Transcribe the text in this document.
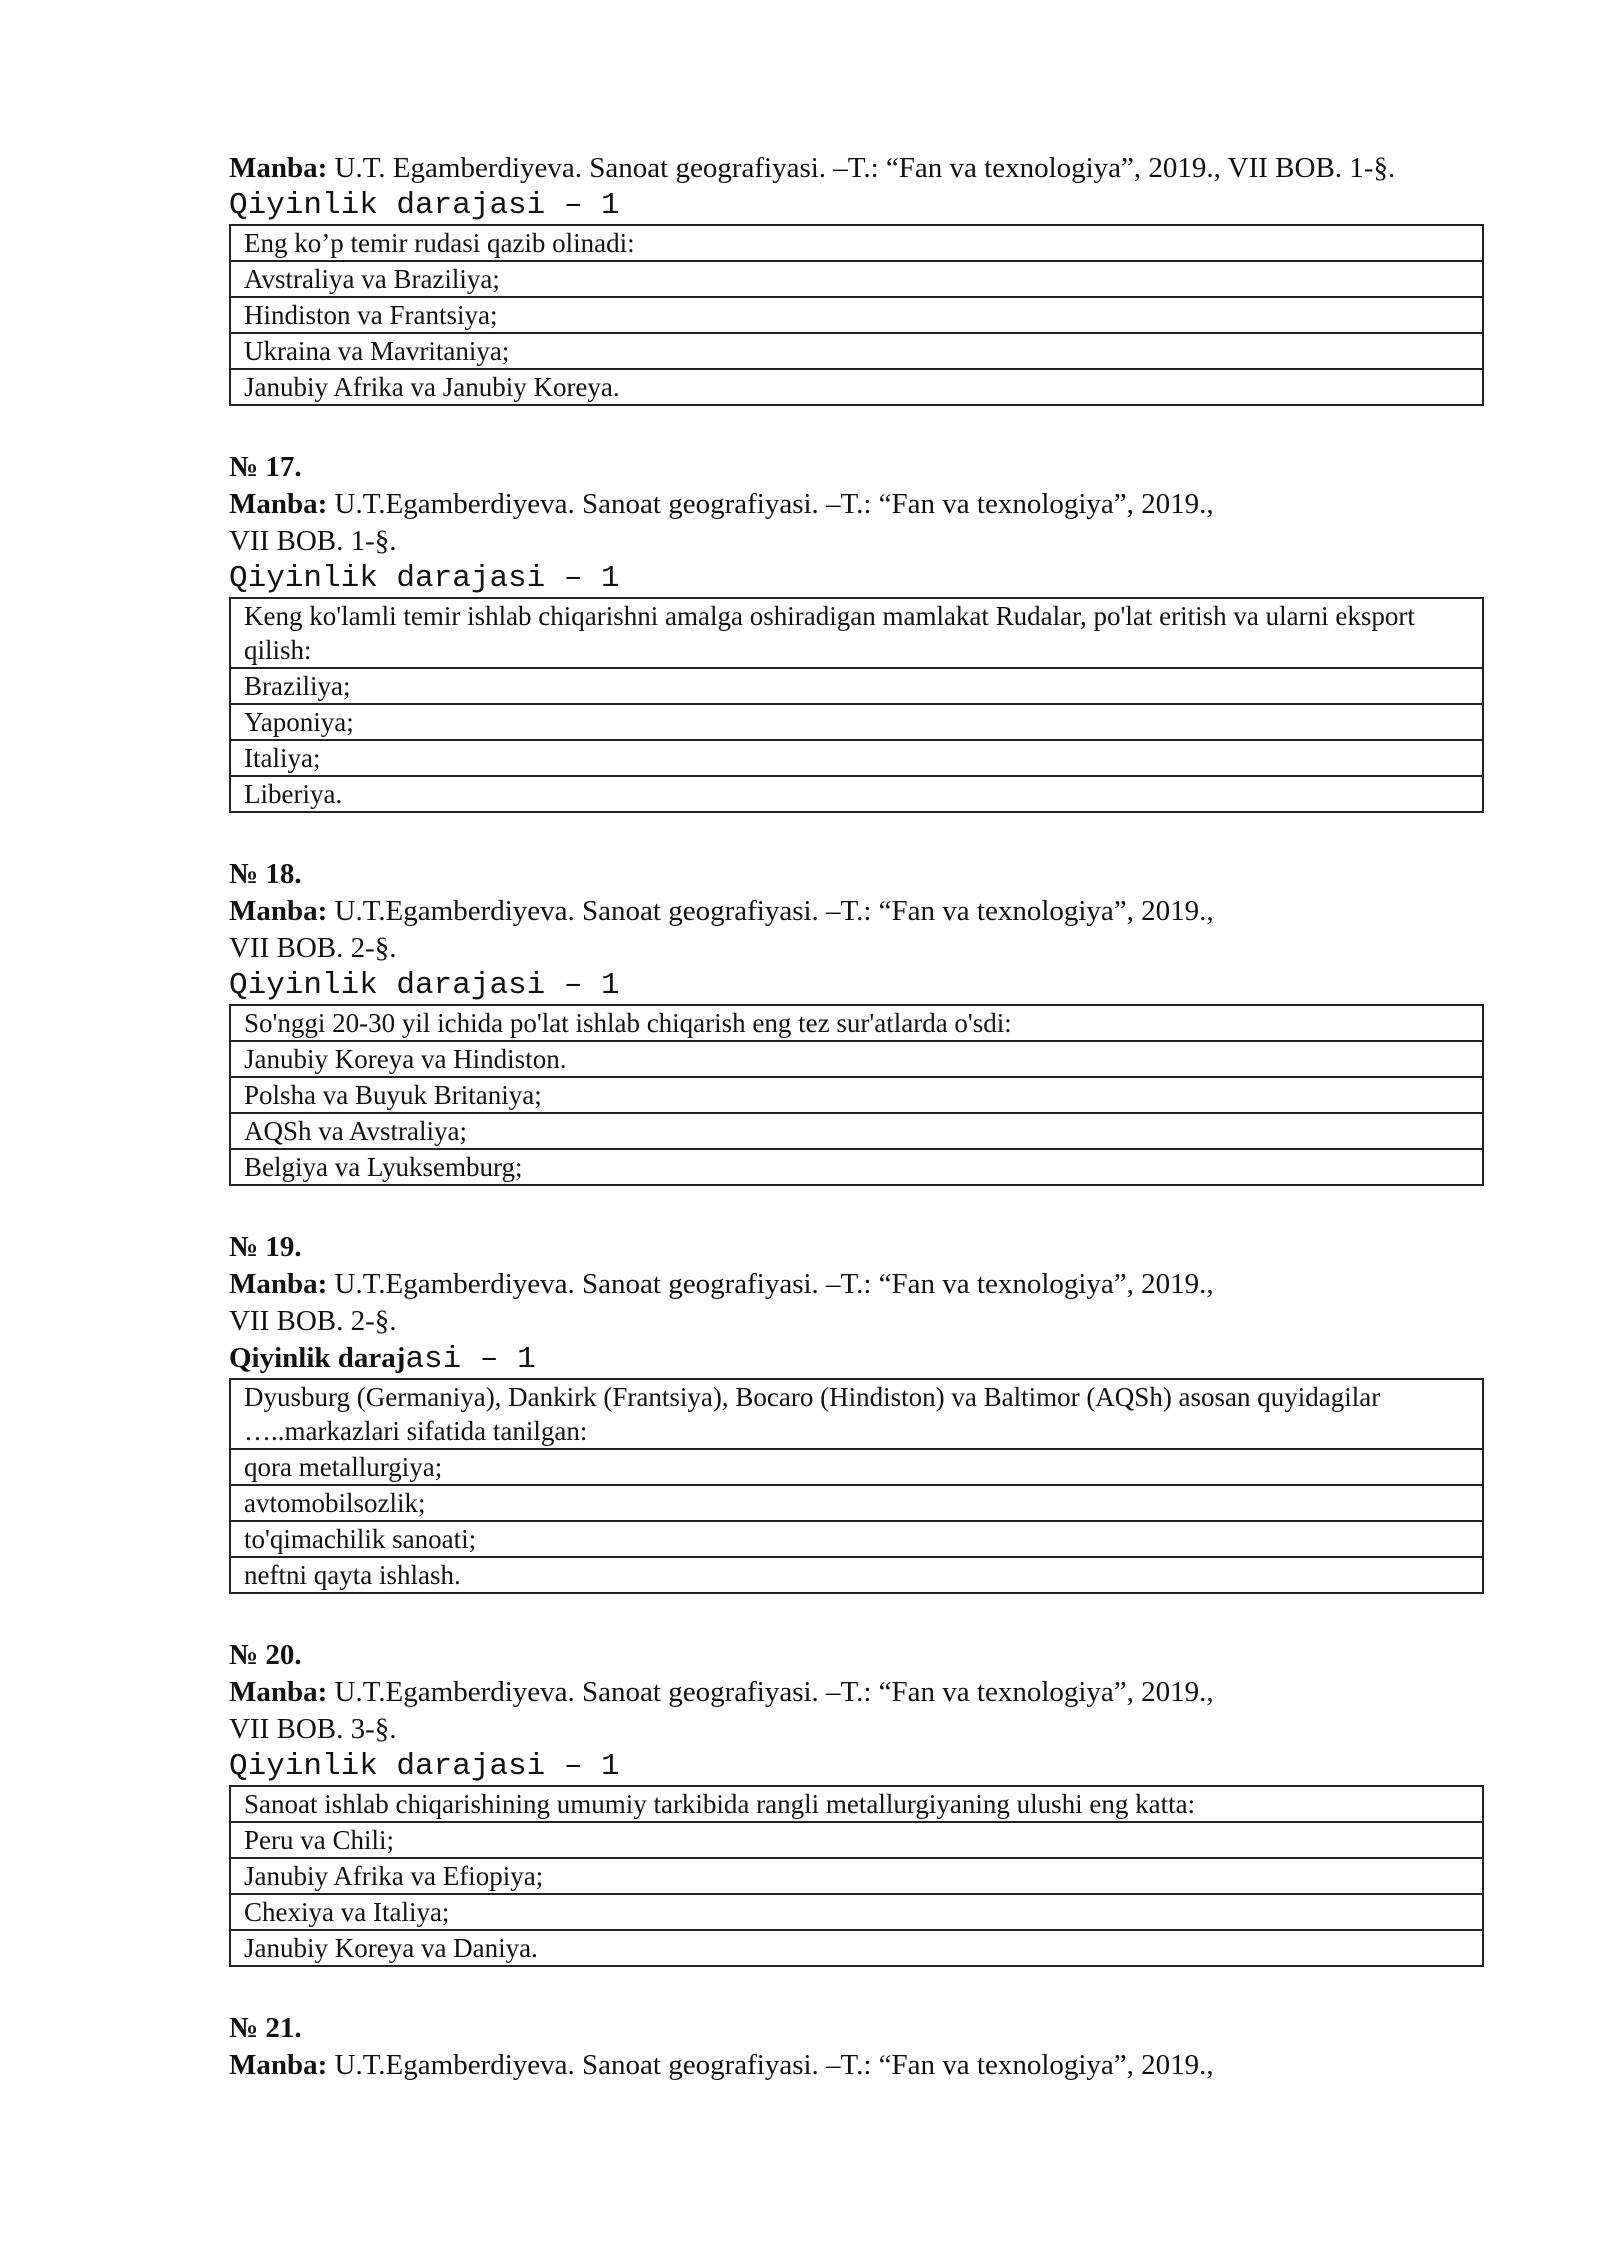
Manba: U.T. Egamberdiyeva. Sanoat geografiyasi. –T.: “Fan va texnologiya”, 2019., VII BOB. 1-§.
Qiyinlik darajasi – 1
Eng ko’p temir rudasi qazib olinadi:
Avstraliya va Braziliya;
Hindiston va Frantsiya;
Ukraina va Mavritaniya;
Janubiy Afrika va Janubiy Koreya.
№ 17.
Manba: U.T.Egamberdiyeva. Sanoat geografiyasi. –T.: “Fan va texnologiya”, 2019.,
VII BOB. 1-§.
Qiyinlik darajasi – 1
Keng ko'lamli temir ishlab chiqarishni amalga oshiradigan mamlakat Rudalar, po'lat eritish va ularni eksport qilish:
Braziliya;
Yaponiya;
Italiya;
Liberiya.
№ 18.
Manba: U.T.Egamberdiyeva. Sanoat geografiyasi. –T.: “Fan va texnologiya”, 2019.,
VII BOB. 2-§.
Qiyinlik darajasi – 1
So'nggi 20-30 yil ichida po'lat ishlab chiqarish eng tez sur'atlarda o'sdi:
Janubiy Koreya va Hindiston.
Polsha va Buyuk Britaniya;
AQSh va Avstraliya;
Belgiya va Lyuksemburg;
№ 19.
Manba: U.T.Egamberdiyeva. Sanoat geografiyasi. –T.: “Fan va texnologiya”, 2019.,
VII BOB. 2-§.
Qiyinlik darajasi – 1
Dyusburg (Germaniya), Dankirk (Frantsiya), Bocaro (Hindiston) va Baltimor (AQSh) asosan quyidagilar …..markazlari sifatida tanilgan:
qora metallurgiya;
avtomobilsozlik;
to'qimachilik sanoati;
neftni qayta ishlash.
№ 20.
Manba: U.T.Egamberdiyeva. Sanoat geografiyasi. –T.: “Fan va texnologiya”, 2019.,
VII BOB. 3-§.
Qiyinlik darajasi – 1
Sanoat ishlab chiqarishining umumiy tarkibida rangli metallurgiyaning ulushi eng katta:
Peru va Chili;
Janubiy Afrika va Efiopiya;
Chexiya va Italiya;
Janubiy Koreya va Daniya.
№ 21.
Manba: U.T.Egamberdiyeva. Sanoat geografiyasi. –T.: “Fan va texnologiya”, 2019.,
